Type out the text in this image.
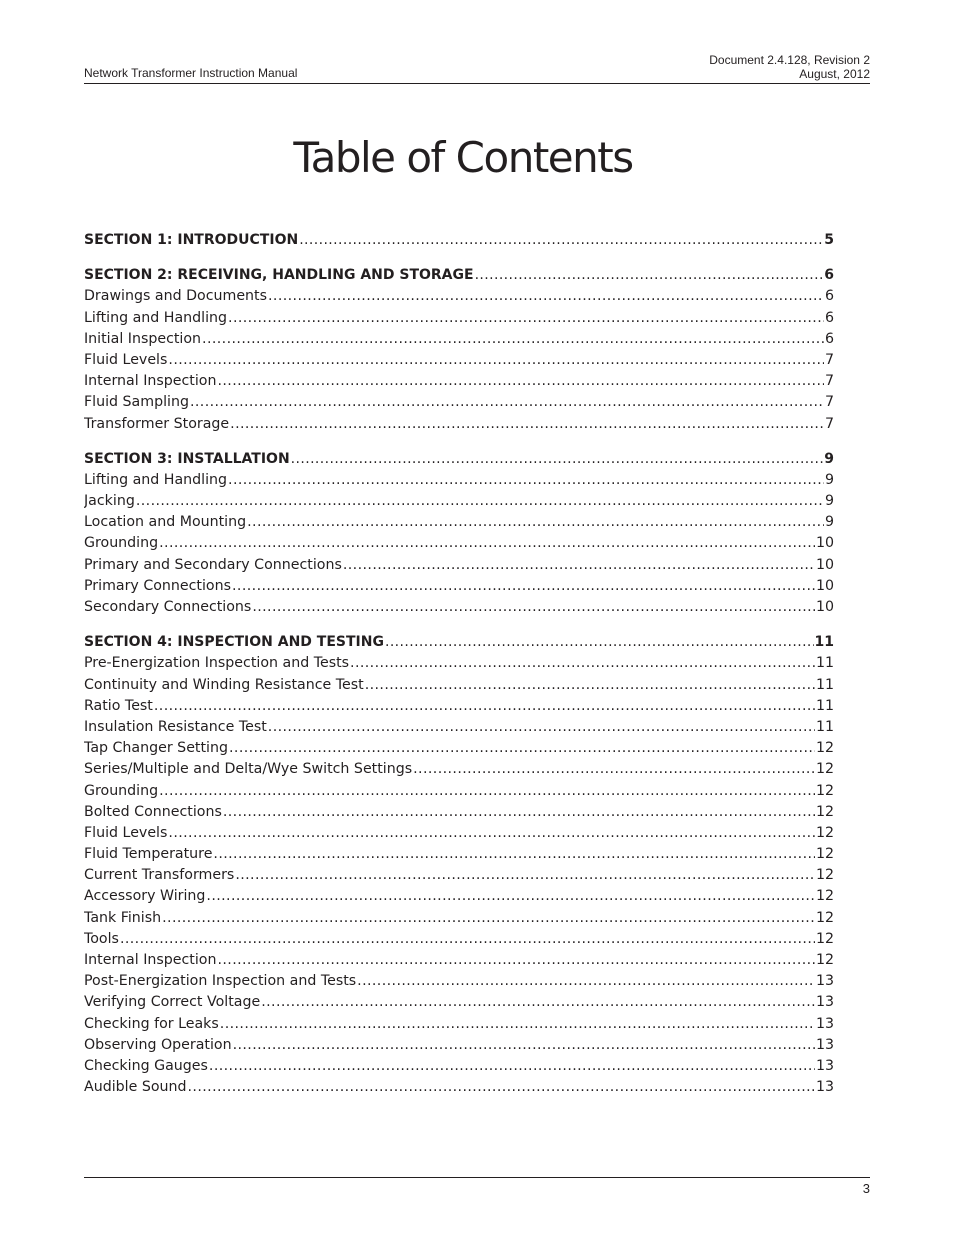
Network Transformer Instruction Manual
Document 2.4.128, Revision 2
August, 2012
Table of Contents
SECTION 1: INTRODUCTION .....	5
SECTION 2: RECEIVING, HANDLING AND STORAGE .....	6
Drawings and Documents .....	6
Lifting and Handling .....	6
Initial Inspection .....	6
Fluid Levels .....	7
Internal Inspection .....	7
Fluid Sampling .....	7
Transformer Storage .....	7
SECTION 3: INSTALLATION .....	9
Lifting and Handling .....	9
Jacking .....	9
Location and Mounting .....	9
Grounding .....	10
Primary and Secondary Connections .....	10
Primary Connections .....	10
Secondary Connections .....	10
SECTION 4: INSPECTION AND TESTING .....	11
Pre-Energization Inspection and Tests .....	11
Continuity and Winding Resistance Test .....	11
Ratio Test .....	11
Insulation Resistance Test .....	11
Tap Changer Setting .....	12
Series/Multiple and Delta/Wye Switch Settings .....	12
Grounding .....	12
Bolted Connections .....	12
Fluid Levels .....	12
Fluid Temperature .....	12
Current Transformers .....	12
Accessory Wiring .....	12
Tank Finish .....	12
Tools .....	12
Internal Inspection .....	12
Post-Energization Inspection and Tests .....	13
Verifying Correct Voltage .....	13
Checking for Leaks .....	13
Observing Operation .....	13
Checking Gauges .....	13
Audible Sound .....	13
3
